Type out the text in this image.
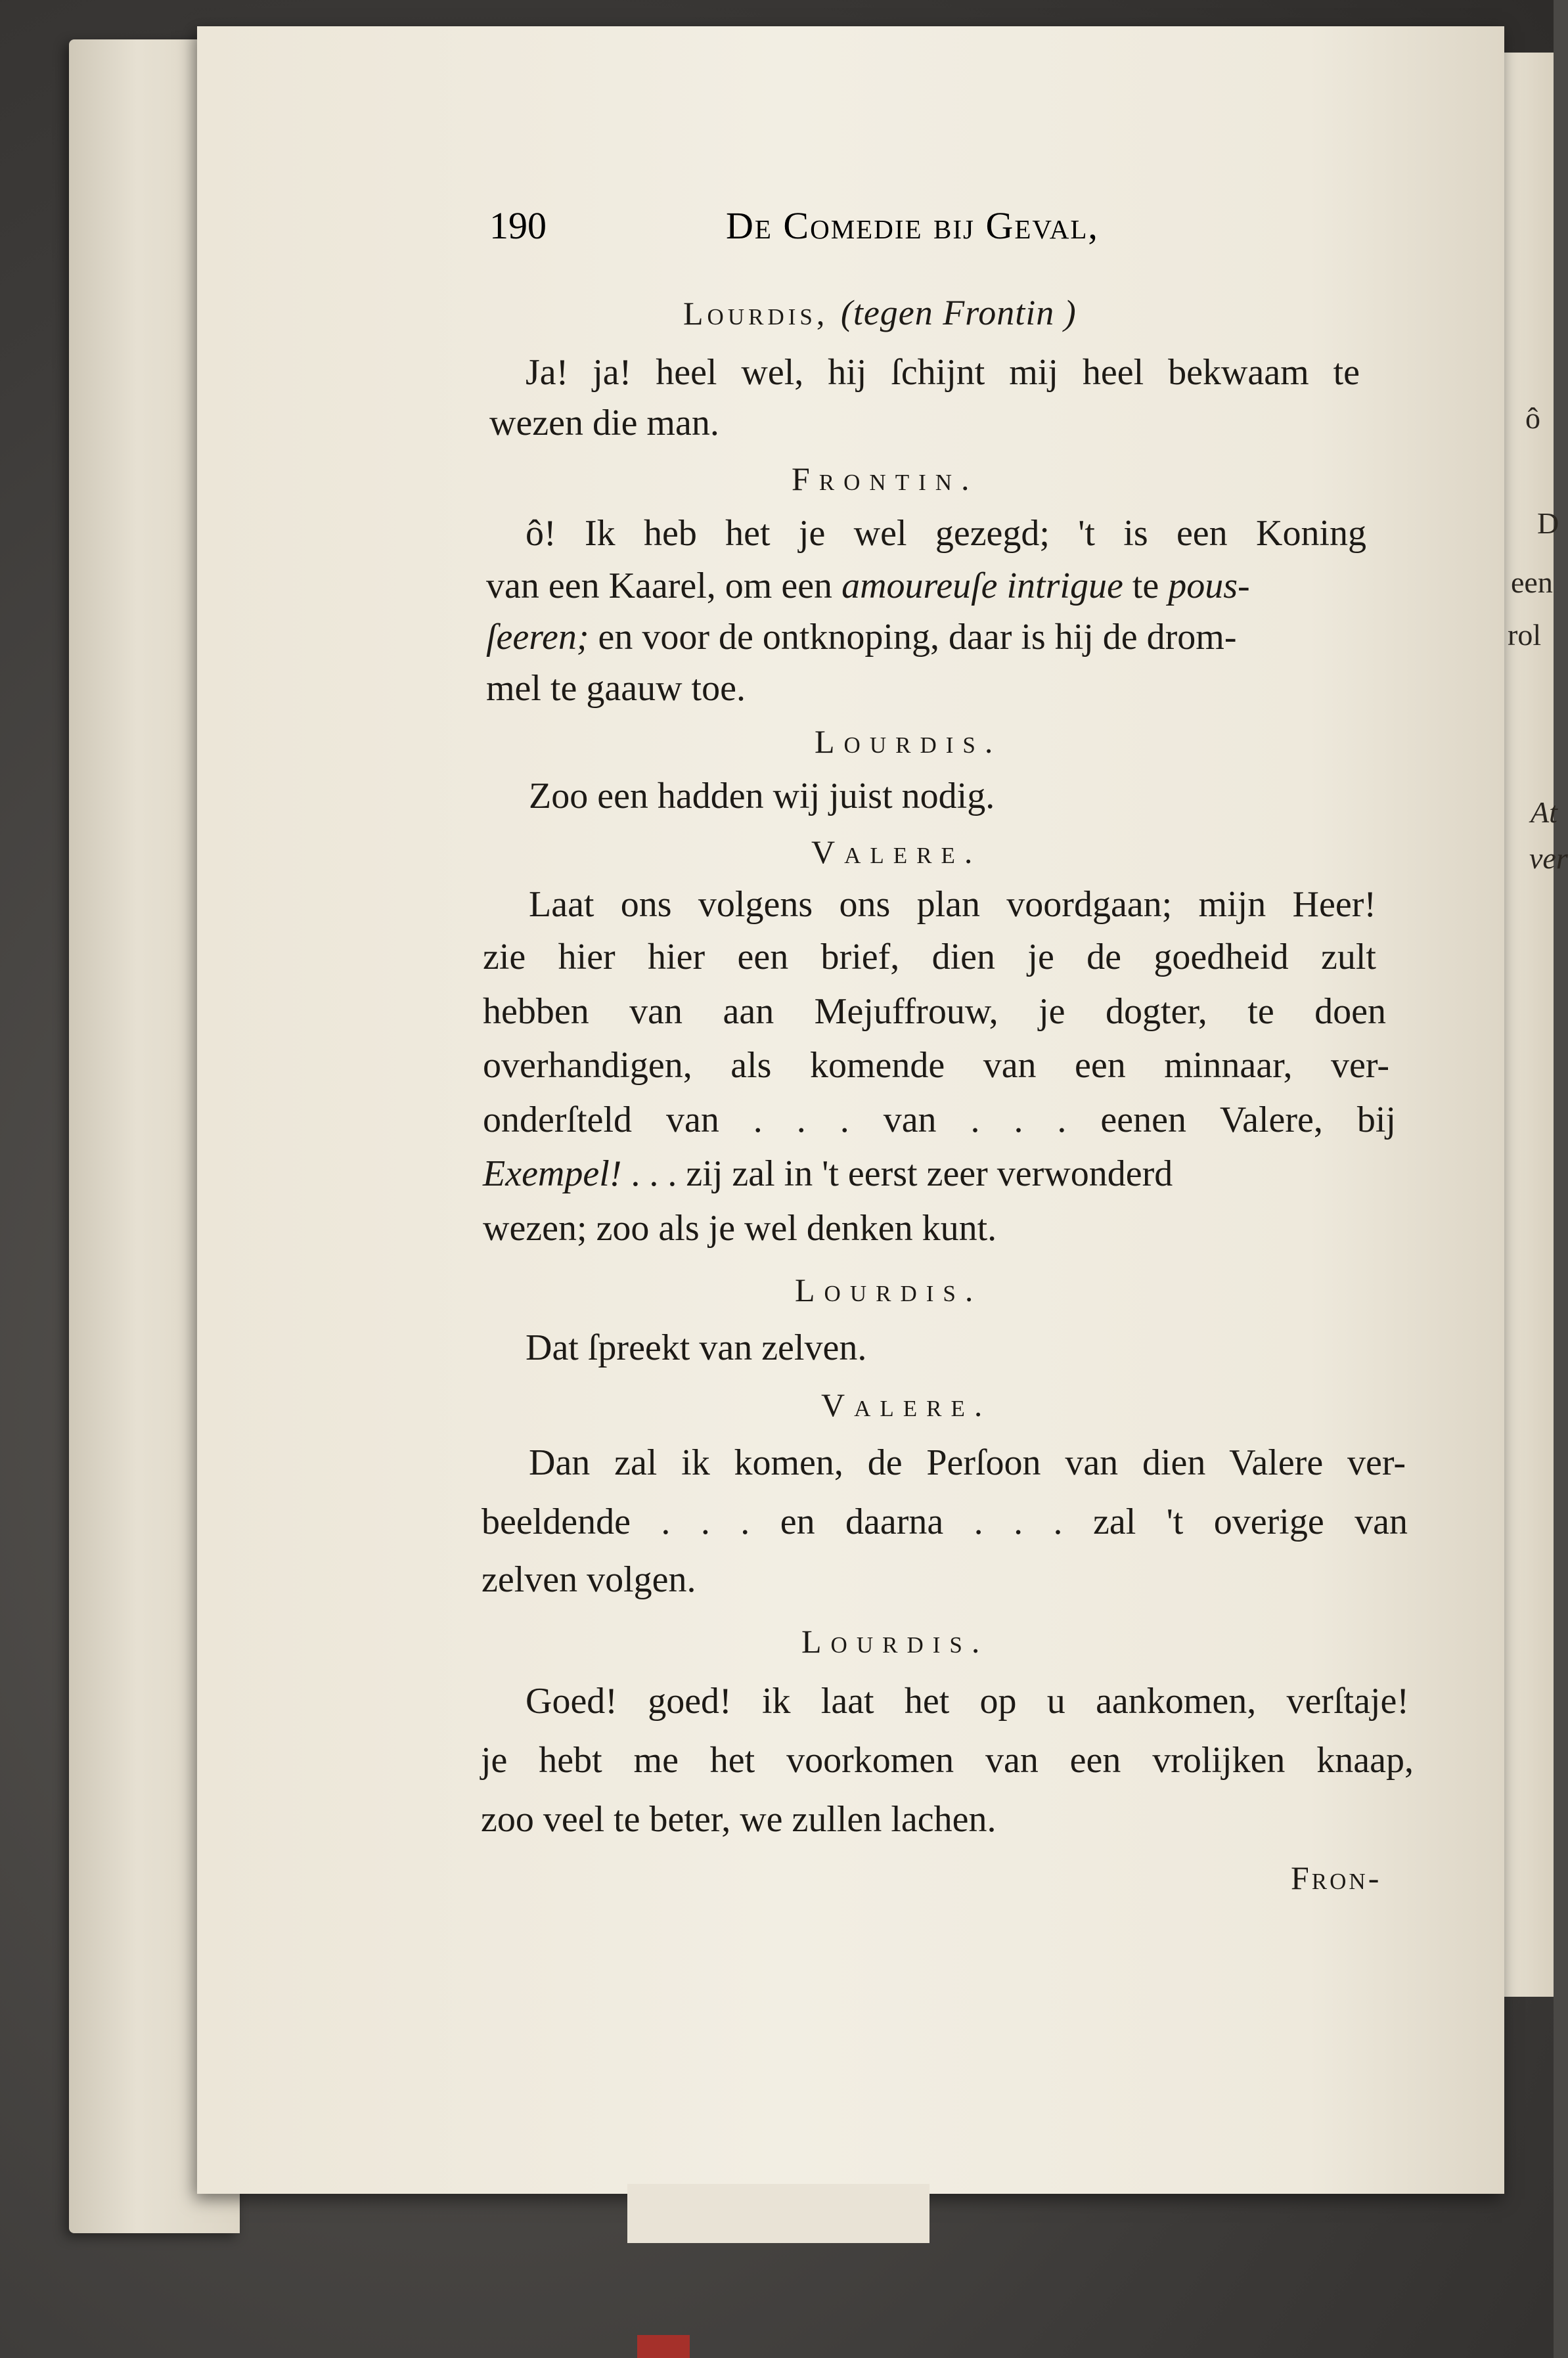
ô
D
een
rol
At
ver
190	De Comedie bij Geval,
Lourdis, (tegen Frontin )
Ja! ja! heel wel, hij ſchijnt mij heel bekwaam te
wezen die man.
Frontin.
ô! Ik heb het je wel gezegd; 't is een Koning
van een Kaarel, om een amoureuſe intrigue te pous-
ſeeren; en voor de ontknoping, daar is hij de drom-
mel te gaauw toe.
Lourdis.
Zoo een hadden wij juist nodig.
Valere.
Laat ons volgens ons plan voordgaan; mijn Heer!
zie hier hier een brief, dien je de goedheid zult
hebben van aan Mejuffrouw, je dogter, te doen
overhandigen, als komende van een minnaar, ver-
onderſteld van . . . van . . . eenen Valere, bij
Exempel! . . . zij zal in 't eerst zeer verwonderd
wezen; zoo als je wel denken kunt.
Lourdis.
Dat ſpreekt van zelven.
Valere.
Dan zal ik komen, de Perſoon van dien Valere ver-
beeldende . . . en daarna . . . zal 't overige van
zelven volgen.
Lourdis.
Goed! goed! ik laat het op u aankomen, verſtaje!
je hebt me het voorkomen van een vrolijken knaap,
zoo veel te beter, we zullen lachen.
Fron-
